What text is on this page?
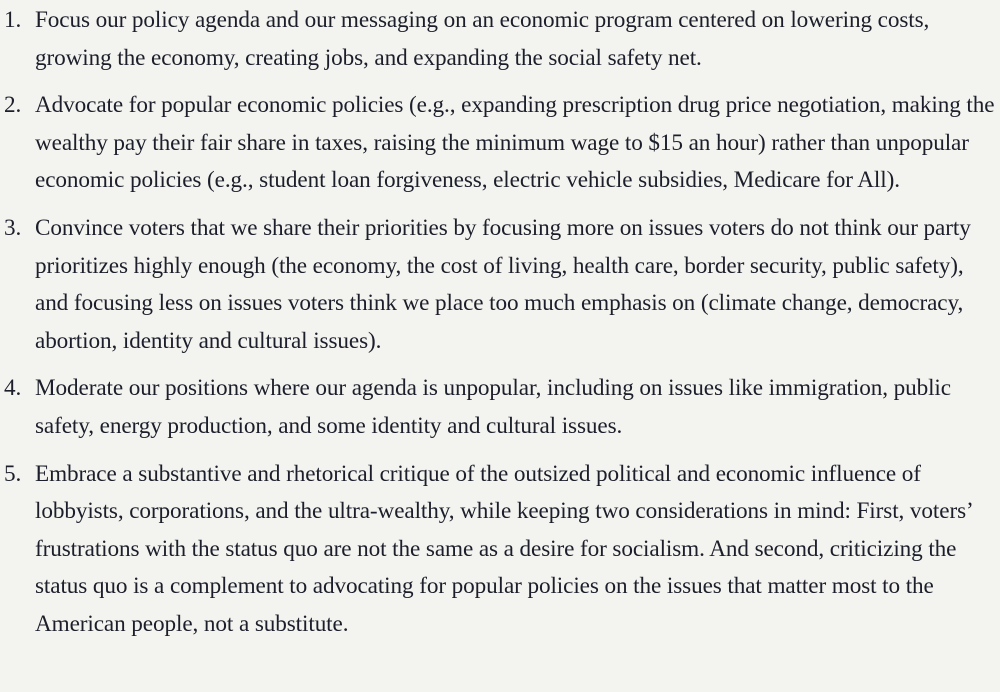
1. Focus our policy agenda and our messaging on an economic program centered on lowering costs, growing the economy, creating jobs, and expanding the social safety net.
2. Advocate for popular economic policies (e.g., expanding prescription drug price negotiation, making the wealthy pay their fair share in taxes, raising the minimum wage to $15 an hour) rather than unpopular economic policies (e.g., student loan forgiveness, electric vehicle subsidies, Medicare for All).
3. Convince voters that we share their priorities by focusing more on issues voters do not think our party prioritizes highly enough (the economy, the cost of living, health care, border security, public safety), and focusing less on issues voters think we place too much emphasis on (climate change, democracy, abortion, identity and cultural issues).
4. Moderate our positions where our agenda is unpopular, including on issues like immigration, public safety, energy production, and some identity and cultural issues.
5. Embrace a substantive and rhetorical critique of the outsized political and economic influence of lobbyists, corporations, and the ultra-wealthy, while keeping two considerations in mind: First, voters’ frustrations with the status quo are not the same as a desire for socialism. And second, criticizing the status quo is a complement to advocating for popular policies on the issues that matter most to the American people, not a substitute.
